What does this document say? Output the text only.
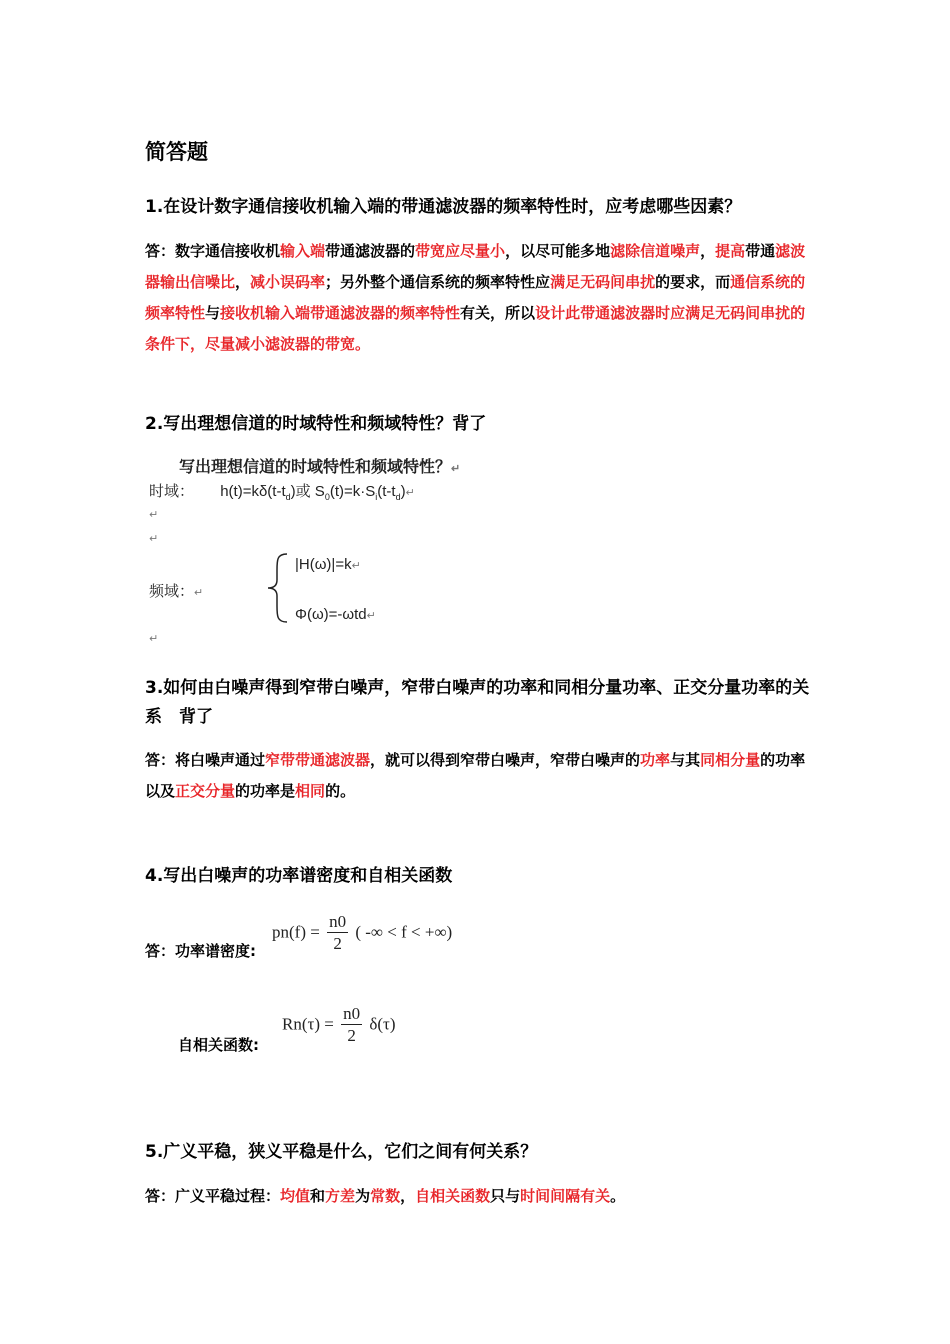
简答题
1.在设计数字通信接收机输入端的带通滤波器的频率特性时，应考虑哪些因素？
答：数字通信接收机输入端带通滤波器的带宽应尽量小，以尽可能多地滤除信道噪声，提高带通滤波器输出信噪比，减小误码率；另外整个通信系统的频率特性应满足无码间串扰的要求，而通信系统的频率特性与接收机输入端带通滤波器的频率特性有关，所以设计此带通滤波器时应满足无码间串扰的条件下，尽量减小滤波器的带宽。
2.写出理想信道的时域特性和频域特性？背了
写出理想信道的时域特性和频域特性？↵
时域： $h(t)=k\delta(t-t_d)$或 $S_0(t)=k\cdot S_i(t-t_d)↵$
↵
↵
频域：↵
|H(ω)|=k↵
Φ(ω)=-ωtd↵
↵
3.如何由白噪声得到窄带白噪声，窄带白噪声的功率和同相分量功率、正交分量功率的关系　背了
答：将白噪声通过窄带带通滤波器，就可以得到窄带白噪声，窄带白噪声的功率与其同相分量的功率以及正交分量的功率是相同的。
4.写出白噪声的功率谱密度和自相关函数
答：功率谱密度:
$pn(f) = \frac{n0}{2}$ ( -∞ < f < +∞)
自相关函数:
$Rn(\tau) = \frac{n0}{2} \delta(\tau)$
5.广义平稳，狭义平稳是什么，它们之间有何关系？
答：广义平稳过程：均值和方差为常数，自相关函数只与时间间隔有关。
